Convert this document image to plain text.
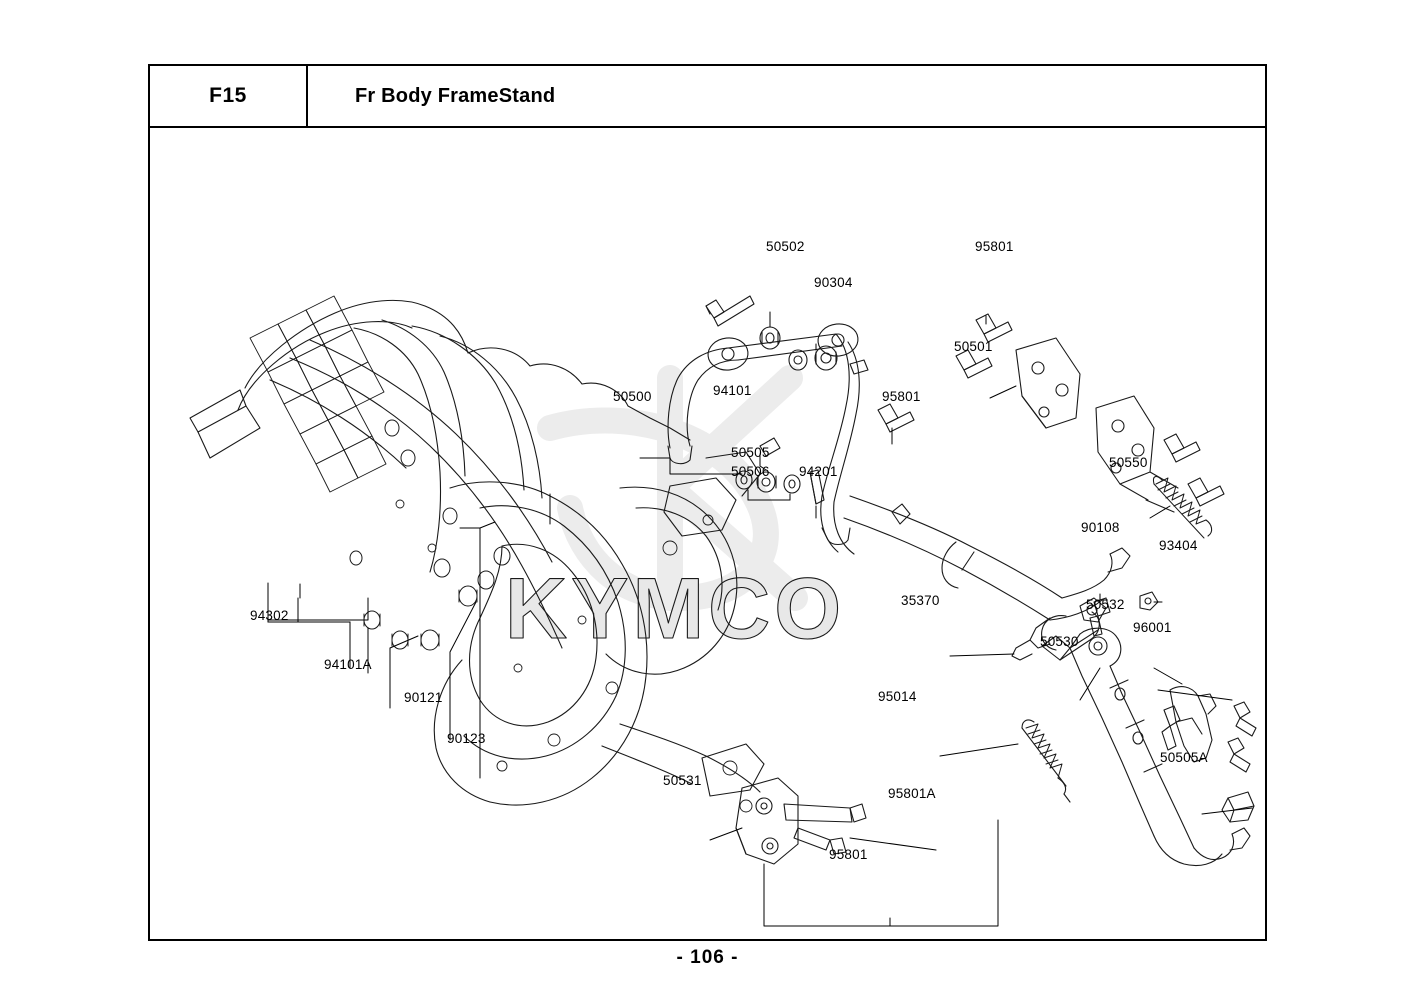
F15	Fr Body FrameStand
KYMCO
50502	95801
90304
50501
50500	94101	95801
50505
50506 94201
50550
90108
93404
35370	50532
94302
50530
96001
94101A
95014
90121
90123
50505A
50531
95801A
95801
- 106 -
